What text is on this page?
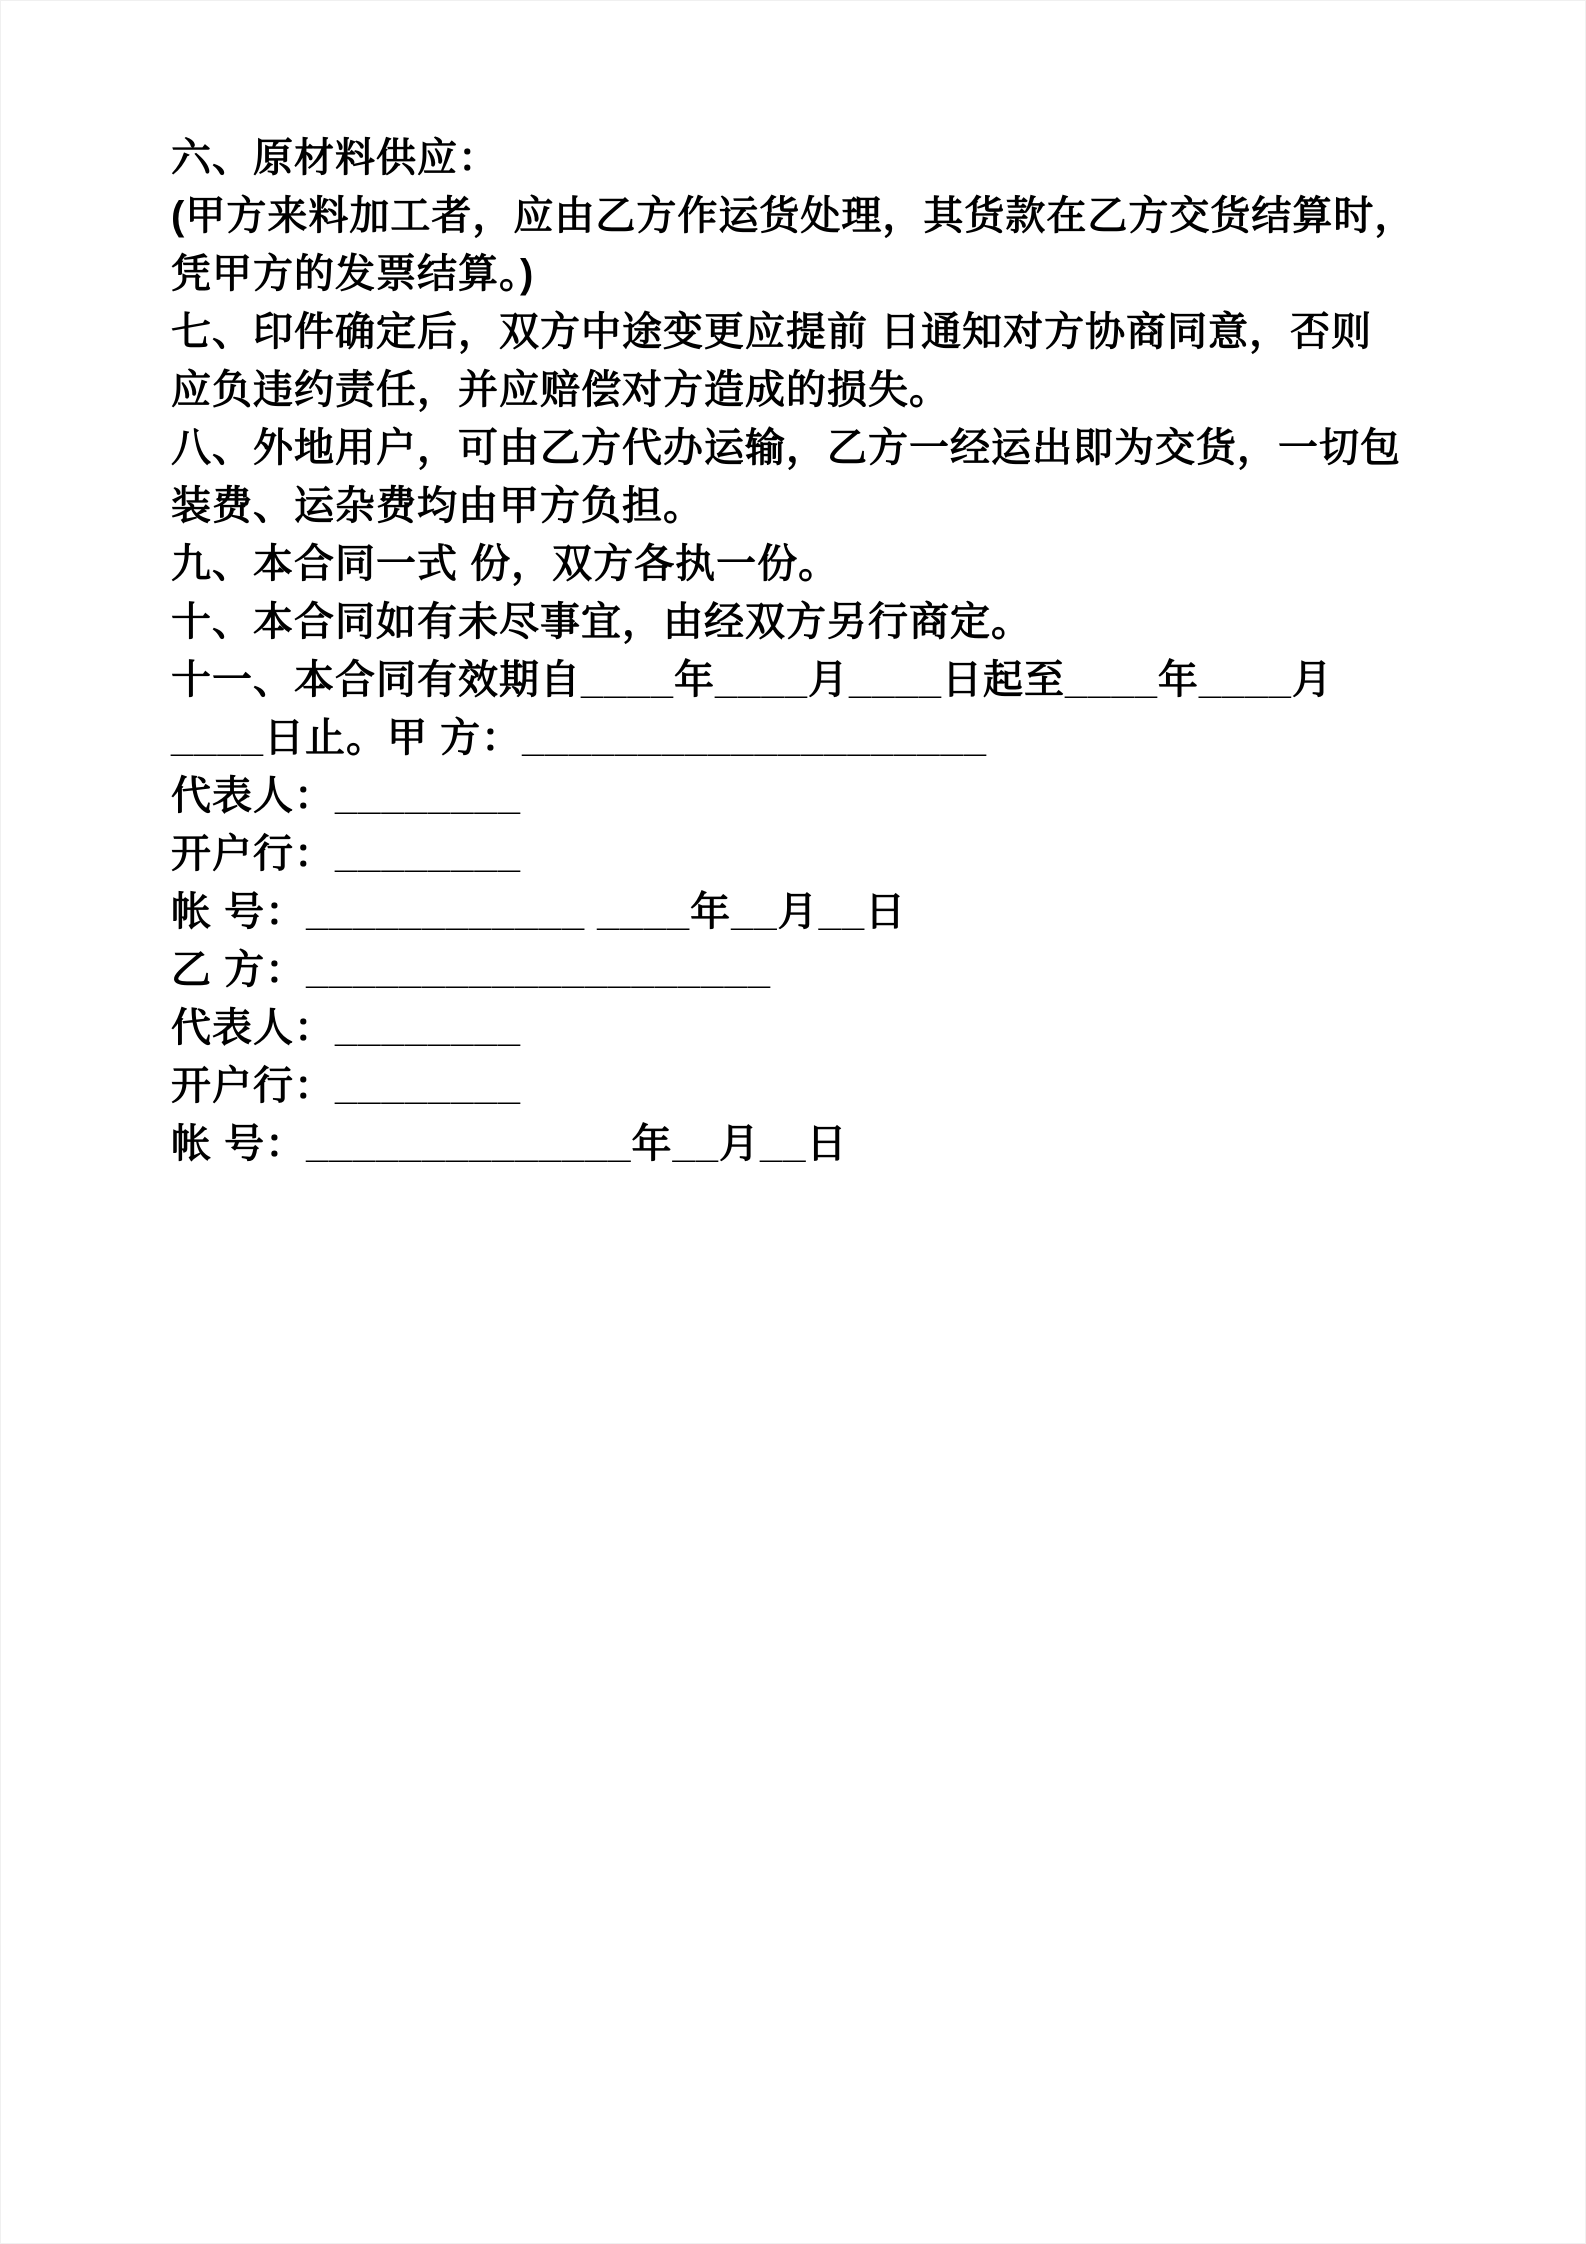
六、原材料供应：
(甲方来料加工者，应由乙方作运货处理，其货款在乙方交货结算时，
凭甲方的发票结算。)
七、印件确定后，双方中途变更应提前 日通知对方协商同意，否则
应负违约责任，并应赔偿对方造成的损失。
八、外地用户，可由乙方代办运输，乙方一经运出即为交货，一切包
装费、运杂费均由甲方负担。
九、本合同一式 份，双方各执一份。
十、本合同如有未尽事宜，由经双方另行商定。
十一、本合同有效期自____年____月____日起至____年____月
____日止。甲 方：____________________
代表人：________
开户行：________
帐 号：____________ ____年__月__日
乙 方：____________________
代表人：________
开户行：________
帐 号：______________年__月__日
